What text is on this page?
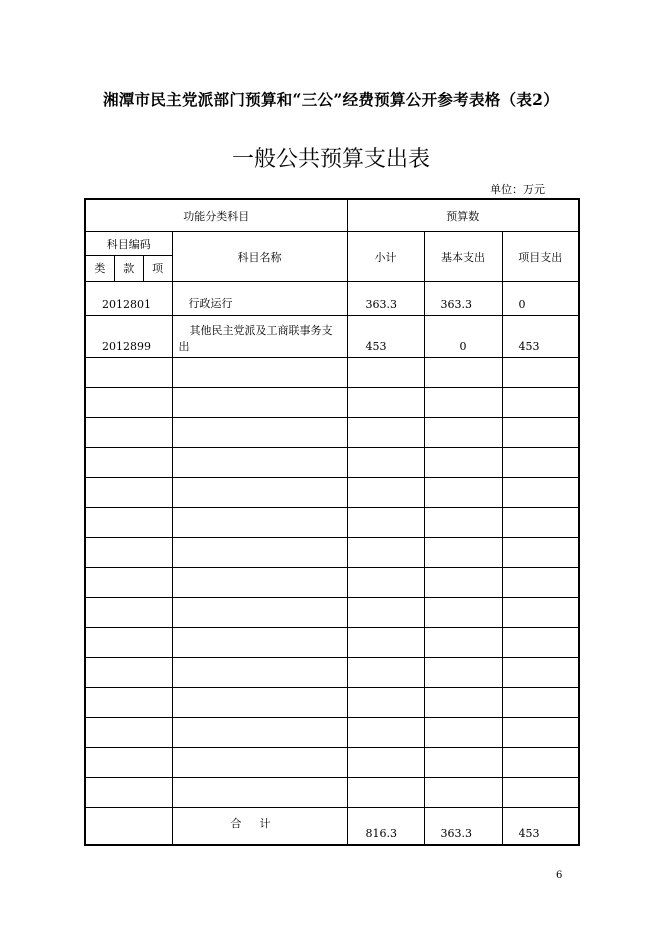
湘潭市民主党派部门预算和“三公”经费预算公开参考表格（表2）
一般公共预算支出表
单位：万元
功能分类科目		预算数		
科目编码	科目名称	小计	基本支出	项目支出

类 款 项				

2012801	行政运行	363.3	363.3	0
2012899	其他民主党派及工商联事务支出	453	0	453

	合计	816.3	363.3	453
6
